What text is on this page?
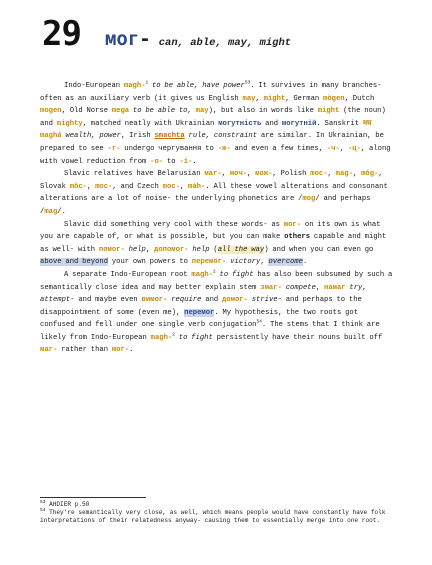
29 мог- can, able, may, might

Indo-European magh-$^1$ to be able, have power$^{53}$. It survives in many branches- often as an auxiliary verb (it gives us English may, might, German mögen, Dutch mogen, Old Norse mega to be able to, may), but also in words like might (the noun) and mighty, matched neatly with Ukrainian могутність and могутній. Sanskrit मघ maghá wealth, power, Irish smachta rule, constraint are similar. In Ukrainian, be prepared to see -г- undergo чергування to -ж- and even a few times, -ч-, -ц-, along with vowel reduction from -о- to -і-.

Slavic relatives have Belarusian маг-, моч-, мож-, Polish moc-, mag-, móg-, Slovak môc-, moc-, and Czech moc-, máh-. All these vowel alterations and consonant alterations are a lot of noise- the underlying phonetics are /mog/ and perhaps /mag/.

Slavic did something very cool with these words- as мог- on its own is what you are capable of, or what is possible, but you can make others capable and might as well- with помог- help, допомог- help (all the way) and when you can even go above and beyond your own powers to перемог- victory, overcome.

A separate Indo-European root magh-$^2$ to fight has also been subsumed by such a semantically close idea and may better explain stem змаг- compete, намаг try, attempt- and maybe even вимог- require and домог- strive- and perhaps to the disappointment of some (even me), перемог. My hypothesis, the two roots got confused and fell under one single verb conjugation$^{54}$. The stems that I think are likely from Indo-European magh-$^2$ to fight persistently have their nouns built off маг- rather than мог-.

$^{53}$ AHDIER p.50
$^{54}$ They're semantically very close, as well, which means people would have constantly have folk interpretations of their relatedness anyway- causing them to essentially merge into one root.
